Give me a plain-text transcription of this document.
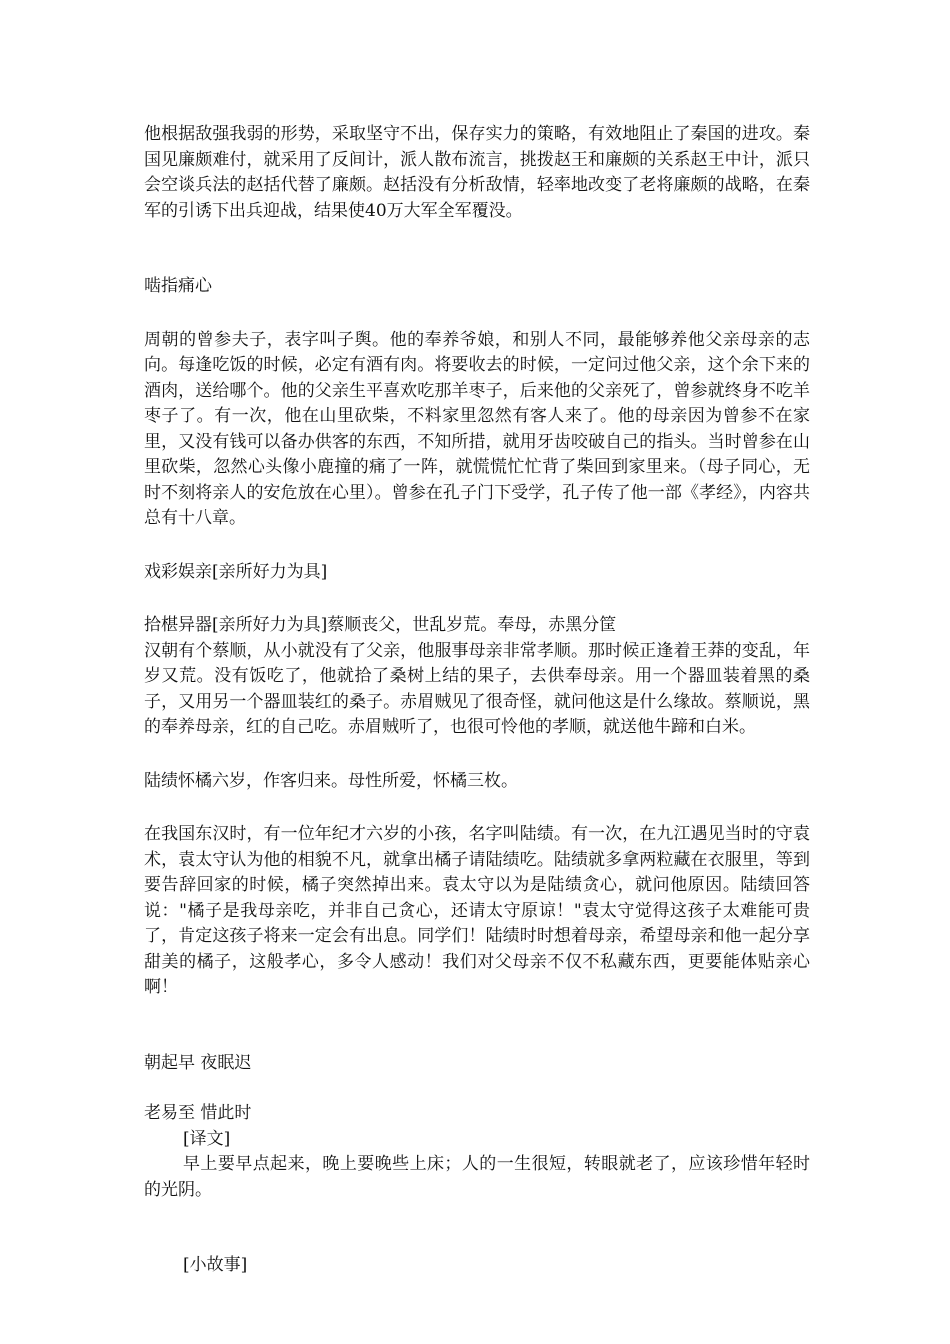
他根据敌强我弱的形势，采取坚守不出，保存实力的策略，有效地阻止了秦国的进攻。秦国见廉颇难付，就采用了反间计，派人散布流言，挑拨赵王和廉颇的关系赵王中计，派只会空谈兵法的赵括代替了廉颇。赵括没有分析敌情，轻率地改变了老将廉颇的战略，在秦军的引诱下出兵迎战，结果使40万大军全军覆没。

啮指痛心

周朝的曾参夫子，表字叫子舆。他的奉养爷娘，和别人不同，最能够养他父亲母亲的志向。每逢吃饭的时候，必定有酒有肉。将要收去的时候，一定问过他父亲，这个余下来的酒肉，送给哪个。他的父亲生平喜欢吃那羊枣子，后来他的父亲死了，曾参就终身不吃羊枣子了。有一次，他在山里砍柴，不料家里忽然有客人来了。他的母亲因为曾参不在家里，又没有钱可以备办供客的东西，不知所措，就用牙齿咬破自己的指头。当时曾参在山里砍柴，忽然心头像小鹿撞的痛了一阵，就慌慌忙忙背了柴回到家里来。（母子同心，无时不刻将亲人的安危放在心里）。曾参在孔子门下受学，孔子传了他一部《孝经》，内容共总有十八章。

戏彩娱亲[亲所好力为具]

拾椹异器[亲所好力为具]蔡顺丧父，世乱岁荒。奉母，赤黑分筐

汉朝有个蔡顺，从小就没有了父亲，他服事母亲非常孝顺。那时候正逢着王莽的变乱，年岁又荒。没有饭吃了，他就拾了桑树上结的果子，去供奉母亲。用一个器皿装着黑的桑子，又用另一个器皿装红的桑子。赤眉贼见了很奇怪，就问他这是什么缘故。蔡顺说，黑的奉养母亲，红的自己吃。赤眉贼听了，也很可怜他的孝顺，就送他牛蹄和白米。

陆绩怀橘六岁，作客归来。母性所爱，怀橘三枚。

在我国东汉时，有一位年纪才六岁的小孩，名字叫陆绩。有一次，在九江遇见当时的守袁术，袁太守认为他的相貌不凡，就拿出橘子请陆绩吃。陆绩就多拿两粒藏在衣服里，等到要告辞回家的时候，橘子突然掉出来。袁太守以为是陆绩贪心，就问他原因。陆绩回答说："橘子是我母亲吃，并非自己贪心，还请太守原谅！"袁太守觉得这孩子太难能可贵了，肯定这孩子将来一定会有出息。同学们！陆绩时时想着母亲，希望母亲和他一起分享甜美的橘子，这般孝心，多令人感动！我们对父母亲不仅不私藏东西，更要能体贴亲心啊！

朝起早 夜眠迟

老易至 惜此时

[译文]

早上要早点起来，晚上要晚些上床；人的一生很短，转眼就老了，应该珍惜年轻时的光阴。

[小故事]
